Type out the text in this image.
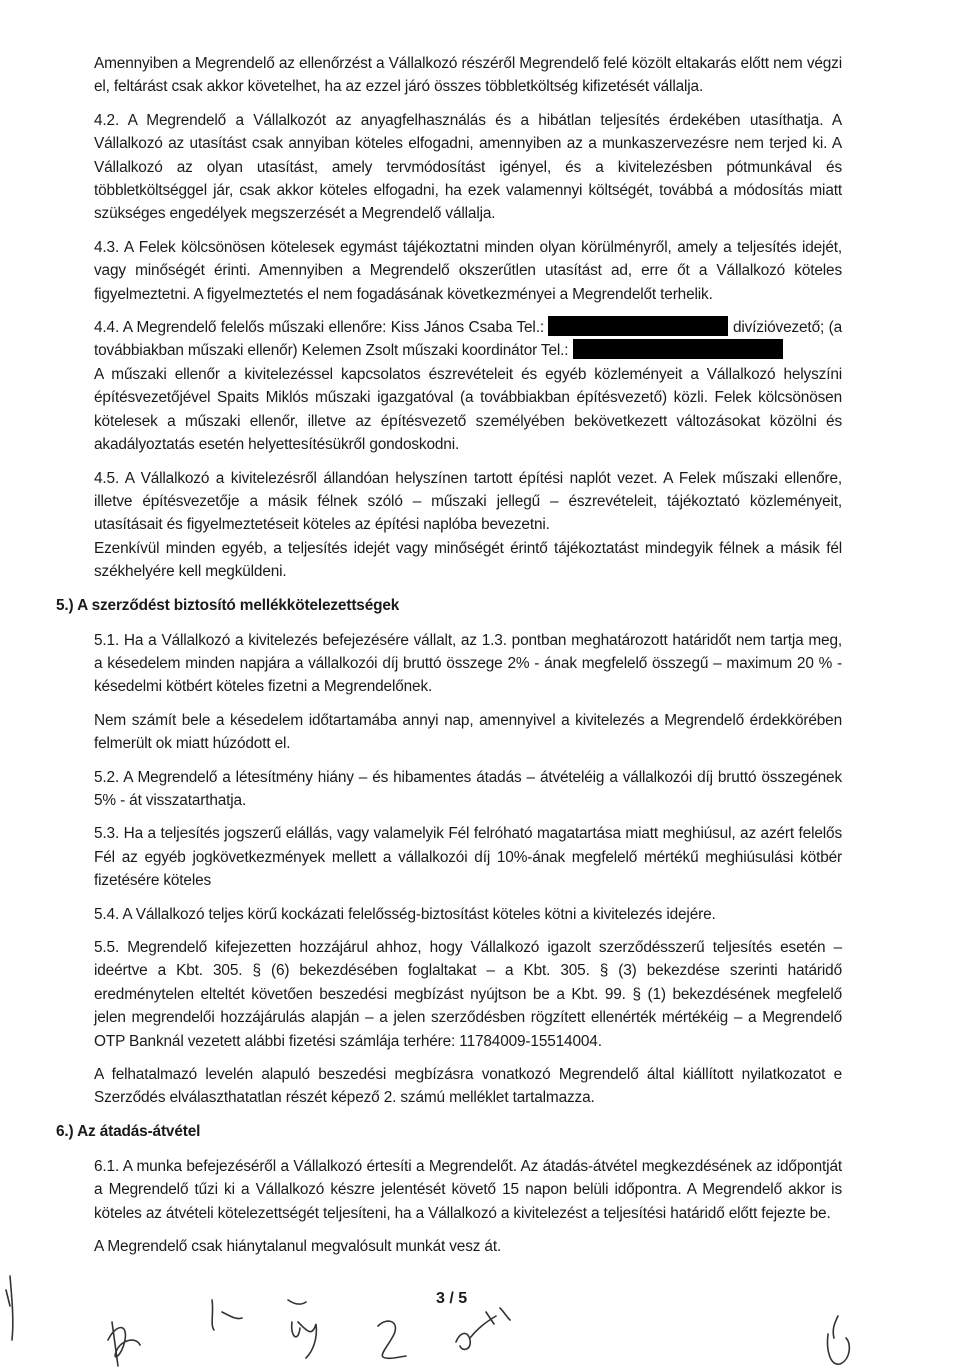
Amennyiben a Megrendelő az ellenőrzést a Vállalkozó részéről Megrendelő felé közölt eltakarás előtt nem végzi el, feltárást csak akkor követelhet, ha az ezzel járó összes többletköltség kifizetését vállalja.

4.2. A Megrendelő a Vállalkozót az anyagfelhasználás és a hibátlan teljesítés érdekében utasíthatja. A Vállalkozó az utasítást csak annyiban köteles elfogadni, amennyiben az a munkaszervezésre nem terjed ki. A Vállalkozó az olyan utasítást, amely tervmódosítást igényel, és a kivitelezésben pótmunkával és többletköltséggel jár, csak akkor köteles elfogadni, ha ezek valamennyi költségét, továbbá a módosítás miatt szükséges engedélyek megszerzését a Megrendelő vállalja.

4.3. A Felek kölcsönösen kötelesek egymást tájékoztatni minden olyan körülményről, amely a teljesítés idejét, vagy minőségét érinti. Amennyiben a Megrendelő okszerűtlen utasítást ad, erre őt a Vállalkozó köteles figyelmeztetni. A figyelmeztetés el nem fogadásának következményei a Megrendelőt terhelik.

4.4. A Megrendelő felelős műszaki ellenőre: Kiss János Csaba Tel.:	divízióvezető; (a továbbiakban műszaki ellenőr) Kelemen Zsolt műszaki koordinátor Tel.:

A műszaki ellenőr a kivitelezéssel kapcsolatos észrevételeit és egyéb közleményeit a Vállalkozó helyszíni építésvezetőjével Spaits Miklós műszaki igazgatóval (a továbbiakban építésvezető) közli. Felek kölcsönösen kötelesek a műszaki ellenőr, illetve az építésvezető személyében bekövetkezett változásokat közölni és akadályoztatás esetén helyettesítésükről gondoskodni.

4.5. A Vállalkozó a kivitelezésről állandóan helyszínen tartott építési naplót vezet. A Felek műszaki ellenőre, illetve építésvezetője a másik félnek szóló – műszaki jellegű – észrevételeit, tájékoztató közleményeit, utasításait és figyelmeztetéseit köteles az építési naplóba bevezetni.

Ezenkívül minden egyéb, a teljesítés idejét vagy minőségét érintő tájékoztatást mindegyik félnek a másik fél székhelyére kell megküldeni.

5.) A szerződést biztosító mellékkötelezettségek

5.1. Ha a Vállalkozó a kivitelezés befejezésére vállalt, az 1.3. pontban meghatározott határidőt nem tartja meg, a késedelem minden napjára a vállalkozói díj bruttó összege 2% - ának megfelelő összegű – maximum 20 % - késedelmi kötbért köteles fizetni a Megrendelőnek.

Nem számít bele a késedelem időtartamába annyi nap, amennyivel a kivitelezés a Megrendelő érdekkörében felmerült ok miatt húzódott el.

5.2. A Megrendelő a létesítmény hiány – és hibamentes átadás – átvételéig a vállalkozói díj bruttó összegének 5% - át visszatarthatja.

5.3. Ha a teljesítés jogszerű elállás, vagy valamelyik Fél felróható magatartása miatt meghiúsul, az azért felelős Fél az egyéb jogkövetkezmények mellett a vállalkozói díj 10%-ának megfelelő mértékű meghiúsulási kötbér fizetésére köteles

5.4. A Vállalkozó teljes körű kockázati felelősség-biztosítást köteles kötni a kivitelezés idejére.

5.5. Megrendelő kifejezetten hozzájárul ahhoz, hogy Vállalkozó igazolt szerződésszerű teljesítés esetén – ideértve a Kbt. 305. § (6) bekezdésében foglaltakat – a Kbt. 305. § (3) bekezdése szerinti határidő eredménytelen elteltét követően beszedési megbízást nyújtson be a Kbt. 99. § (1) bekezdésének megfelelő jelen megrendelői hozzájárulás alapján – a jelen szerződésben rögzített ellenérték mértékéig – a Megrendelő OTP Banknál vezetett alábbi fizetési számlája terhére: 11784009-15514004.

A felhatalmazó levelén alapuló beszedési megbízásra vonatkozó Megrendelő által kiállított nyilatkozatot e Szerződés elválaszthatatlan részét képező 2. számú melléklet tartalmazza.

6.) Az átadás-átvétel

6.1. A munka befejezéséről a Vállalkozó értesíti a Megrendelőt. Az átadás-átvétel megkezdésének az időpontját a Megrendelő tűzi ki a Vállalkozó készre jelentését követő 15 napon belüli időpontra. A Megrendelő akkor is köteles az átvételi kötelezettségét teljesíteni, ha a Vállalkozó a kivitelezést a teljesítési határidő előtt fejezte be.

A Megrendelő csak hiánytalanul megvalósult munkát vesz át.

3 / 5
